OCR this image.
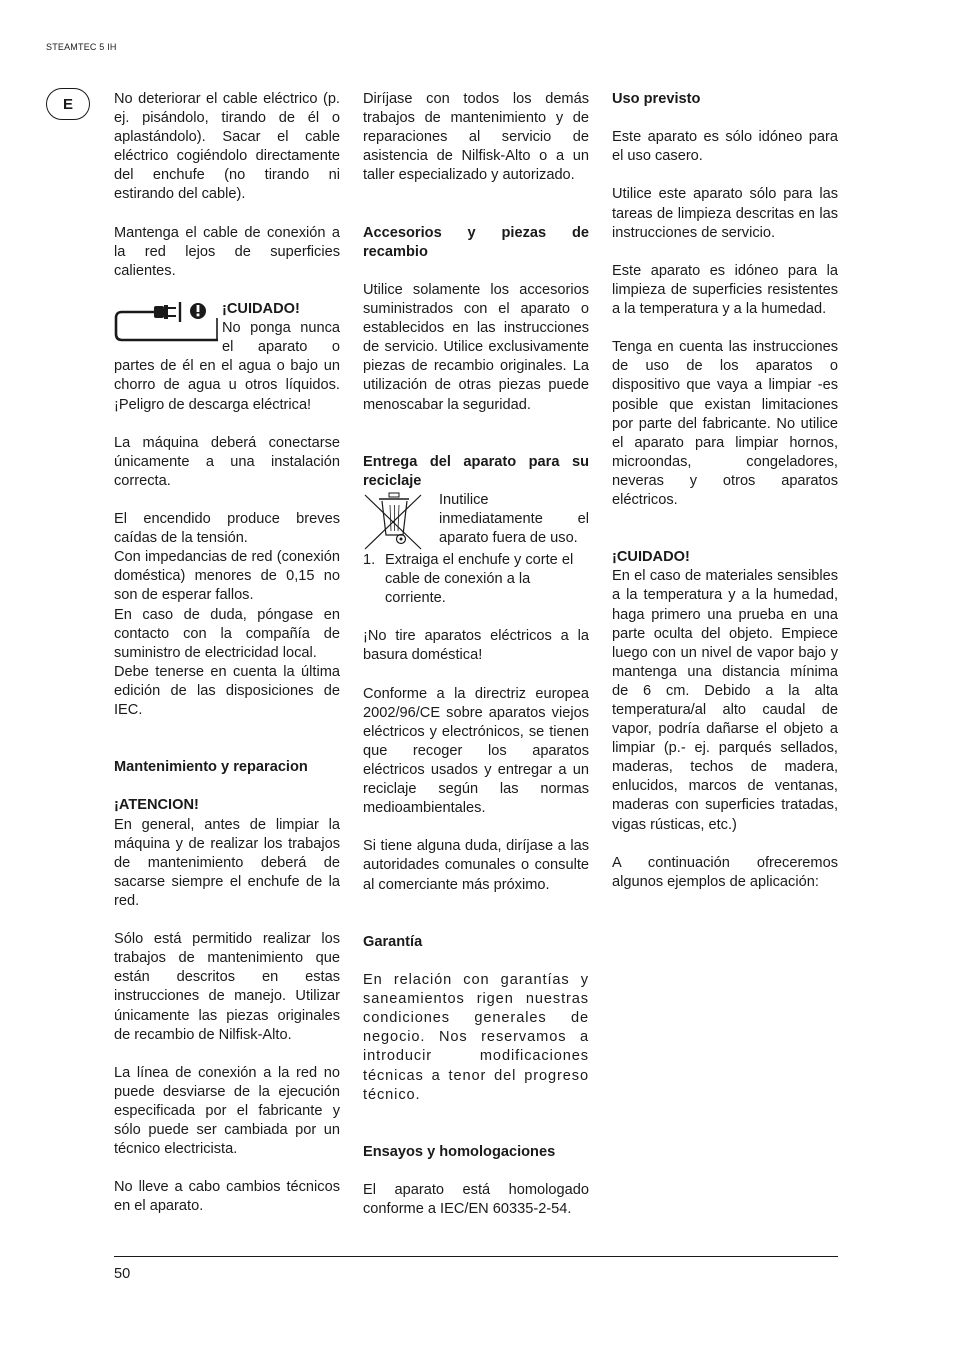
STEAMTEC 5 IH
E	No deteriorar el cable eléctrico (p. ej. pisándolo, tirando de él o aplastándolo). Sacar el cable eléctrico cogiéndolo directamente del enchufe (no tirando ni estirando del cable).

Mantenga el cable de conexión a la red lejos de superficies calientes.

¡CUIDADO!

No ponga nunca el aparato o partes de él en el agua o bajo un chorro de agua u otros líquidos. ¡Peligro de descarga eléctrica!

La máquina deberá conectarse únicamente a una instalación correcta.

El encendido produce breves caídas de la tensión.

Con impedancias de red (conexión doméstica) menores de 0,15 no son de esperar fallos.

En caso de duda, póngase en contacto con la compañía de suministro de electricidad local.

Debe tenerse en cuenta la última edición de las disposiciones de IEC.

Mantenimiento y reparacion

¡ATENCION!

En general, antes de limpiar la máquina y de realizar los trabajos de mantenimiento deberá de sacarse siempre el enchufe de la red.

Sólo está permitido realizar los trabajos de mantenimiento que están descritos en estas instrucciones de manejo. Utilizar únicamente las piezas originales de recambio de Nilfisk-Alto.

La línea de conexión a la red no puede desviarse de la ejecución especificada por el fabricante y sólo puede ser cambiada por un técnico electricista.

No lleve a cabo cambios técnicos en el aparato.

Diríjase con todos los demás trabajos de mantenimiento y de reparaciones al servicio de asistencia de Nilfisk-Alto o a un taller especializado y autorizado.

Accesorios y piezas de recambio

Utilice solamente los accesorios suministrados con el aparato o establecidos en las instrucciones de servicio. Utilice exclusivamente piezas de recambio originales. La utilización de otras piezas puede menoscabar la seguridad.

Entrega del aparato para su reciclaje

Inutilice inmediatamente el aparato fuera de uso.

1. Extraiga el enchufe y corte el cable de conexión a la corriente.

¡No tire aparatos eléctricos a la basura doméstica!

Conforme a la directriz europea 2002/96/CE sobre aparatos viejos eléctricos y electrónicos, se tienen que recoger los aparatos eléctricos usados y entregar a un reciclaje según las normas medioambientales.

Si tiene alguna duda, diríjase a las autoridades comunales o consulte al comerciante más próximo.

Garantía

En relación con garantías y saneamientos rigen nuestras condiciones generales de negocio. Nos reservamos a introducir modificaciones técnicas a tenor del progreso técnico.

Ensayos y homologaciones

El aparato está homologado conforme a IEC/EN 60335-2-54.

Uso previsto

Este aparato es sólo idóneo para el uso casero.

Utilice este aparato sólo para las tareas de limpieza descritas en las instrucciones de servicio.

Este aparato es idóneo para la limpieza de superficies resistentes a la temperatura y a la humedad.

Tenga en cuenta las instrucciones de uso de los aparatos o dispositivo que vaya a limpiar -es posible que existan limitaciones por parte del fabricante. No utilice el aparato para limpiar hornos, microondas, congeladores, neveras y otros aparatos eléctricos.

¡CUIDADO!

En el caso de materiales sensibles a la temperatura y a la humedad, haga primero una prueba en una parte oculta del objeto. Empiece luego con un nivel de vapor bajo y mantenga una distancia mínima de 6 cm. Debido a la alta temperatura/al alto caudal de vapor, podría dañarse el objeto a limpiar (p.- ej. parqués sellados, maderas, techos de madera, enlucidos, marcos de ventanas, maderas con superficies tratadas, vigas rústicas, etc.)

A continuación ofreceremos algunos ejemplos de aplicación:

50
